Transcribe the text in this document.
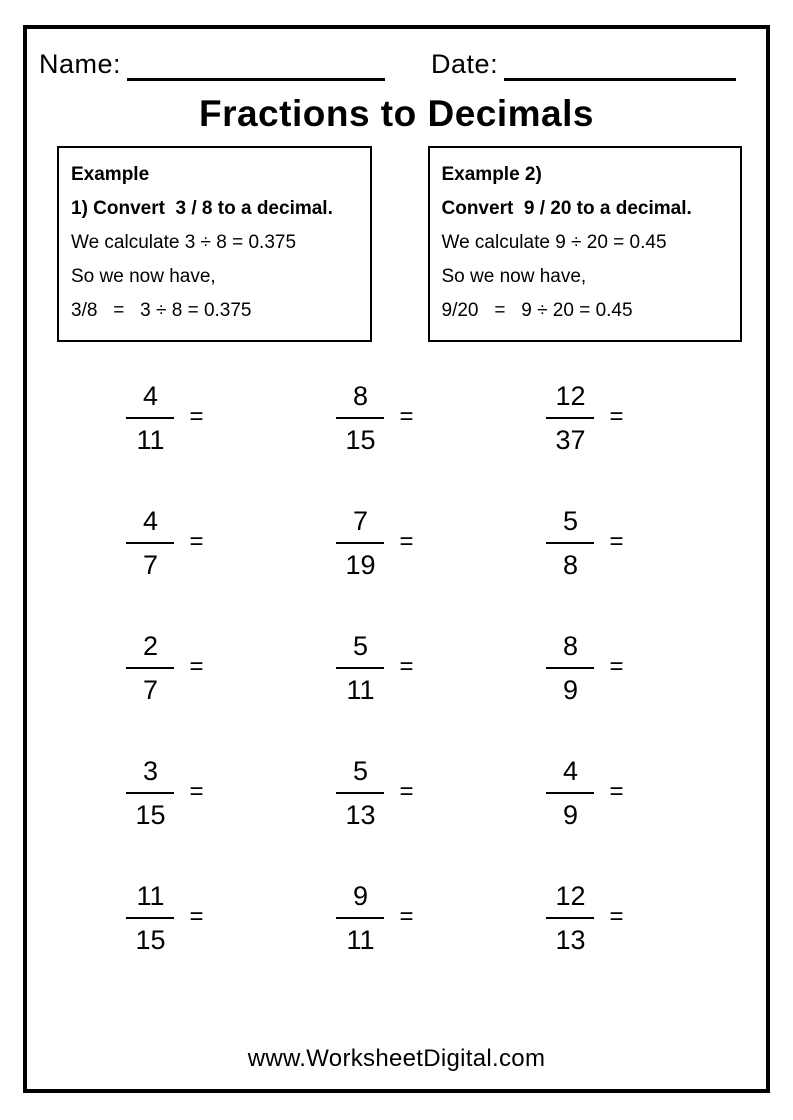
Name:	Date:
Fractions to Decimals

Example

1) Convert  3 / 8 to a decimal.

We calculate 3 ÷ 8 = 0.375

So we now have,

3/8   =   3 ÷ 8 = 0.375

Example 2)

Convert  9 / 20 to a decimal.

We calculate 9 ÷ 20 = 0.45

So we now have,

9/20   =   9 ÷ 20 = 0.45

$\frac{4}{11}$ =	$\frac{8}{15}$ =	$\frac{12}{37}$ =
$\frac{4}{7}$ =	$\frac{7}{19}$ =	$\frac{5}{8}$ =
$\frac{2}{7}$ =	$\frac{5}{11}$ =	$\frac{8}{9}$ =
$\frac{3}{15}$ =	$\frac{5}{13}$ =	$\frac{4}{9}$ =
$\frac{11}{15}$ =	$\frac{9}{11}$ =	$\frac{12}{13}$ =
www.WorksheetDigital.com
